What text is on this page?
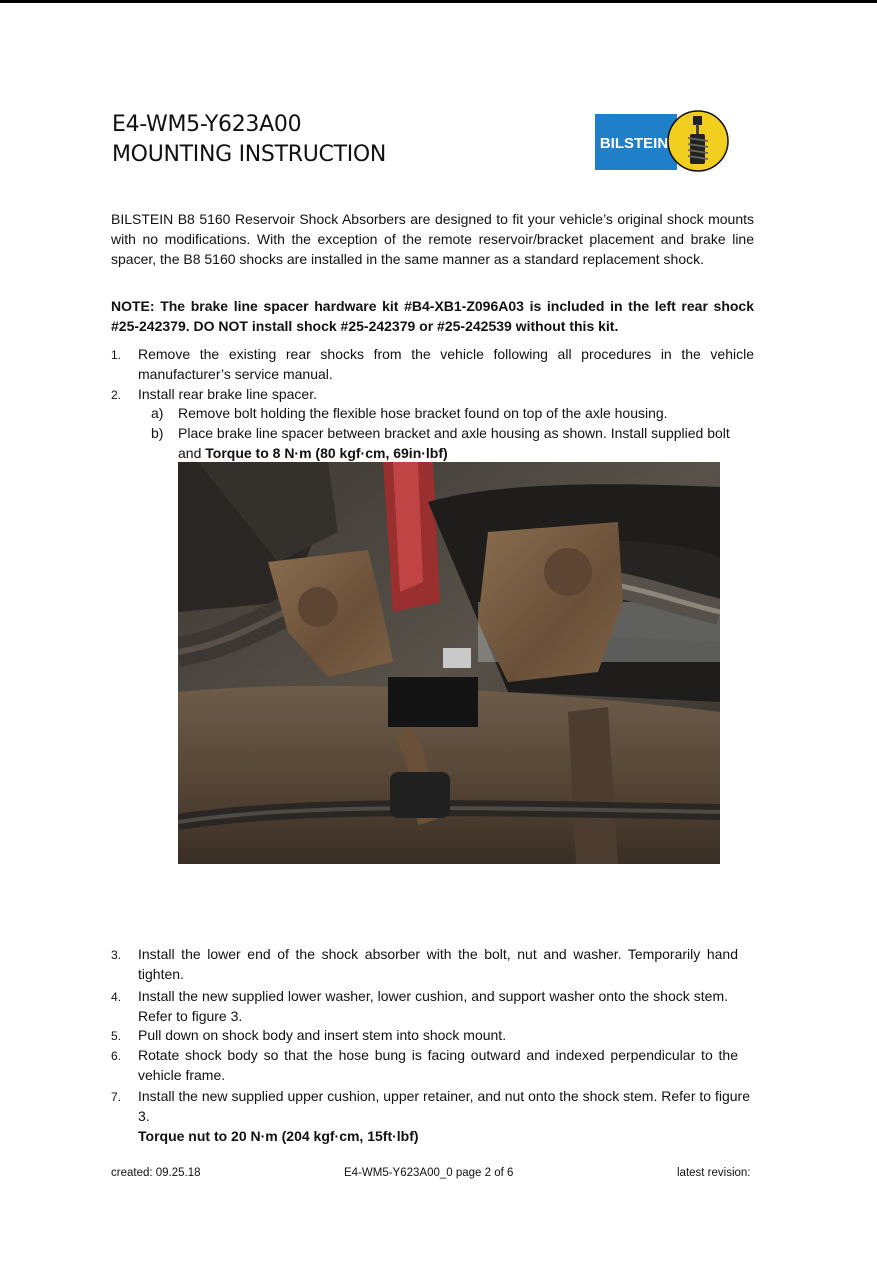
E4-WM5-Y623A00
MOUNTING INSTRUCTION	BILSTEIN
BILSTEIN B8 5160 Reservoir Shock Absorbers are designed to fit your vehicle’s original shock mounts with no modifications. With the exception of the remote reservoir/bracket placement and brake line spacer, the B8 5160 shocks are installed in the same manner as a standard replacement shock.
NOTE: The brake line spacer hardware kit #B4-XB1-Z096A03 is included in the left rear shock #25-242379. DO NOT install shock #25-242379 or #25-242539 without this kit.
1.	Remove the existing rear shocks from the vehicle following all procedures in the vehicle manufacturer’s service manual.
2.	Install rear brake line spacer.
a) Remove bolt holding the flexible hose bracket found on top of the axle housing.
b) Place brake line spacer between bracket and axle housing as shown. Install supplied bolt and Torque to 8 N·m (80 kgf·cm, 69in·lbf)
3.	Install the lower end of the shock absorber with the bolt, nut and washer. Temporarily hand tighten.
4.	Install the new supplied lower washer, lower cushion, and support washer onto the shock stem. Refer to figure 3.
5.	Pull down on shock body and insert stem into shock mount.
6.	Rotate shock body so that the hose bung is facing outward and indexed perpendicular to the vehicle frame.
7.	Install the new supplied upper cushion, upper retainer, and nut onto the shock stem. Refer to figure 3.
Torque nut to 20 N·m (204 kgf·cm, 15ft·lbf)
created: 09.25.18	E4-WM5-Y623A00_0 page 2 of 6	latest revision:
